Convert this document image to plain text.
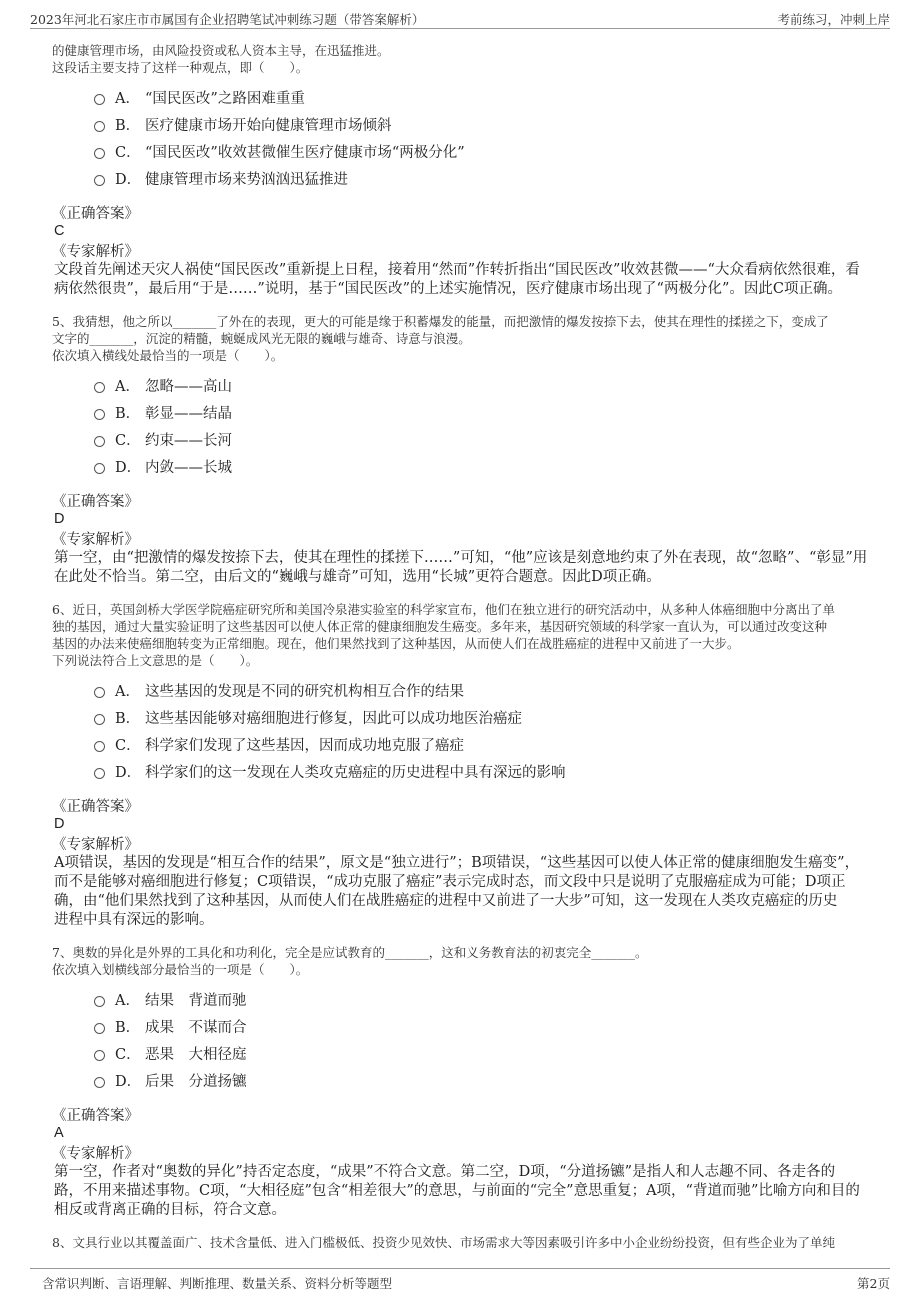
2023年河北石家庄市市属国有企业招聘笔试冲刺练习题（带答案解析）	考前练习，冲刺上岸

的健康管理市场，由风险投资或私人资本主导，在迅猛推进。

这段话主要支持了这样一种观点，即（　　）。

A． “国民医改”之路困难重重
B． 医疗健康市场开始向健康管理市场倾斜
C． “国民医改”收效甚微催生医疗健康市场“两极分化”
D． 健康管理市场来势汹汹迅猛推进
《正确答案》
C
《专家解析》

文段首先阐述天灾人祸使“国民医改”重新提上日程，接着用“然而”作转折指出“国民医改”收效甚微——“大众看病依然很难，看

病依然很贵”，最后用“于是……”说明，基于“国民医改”的上述实施情况，医疗健康市场出现了“两极分化”。因此C项正确。

5、我猜想，他之所以_______了外在的表现，更大的可能是缘于积蓄爆发的能量，而把激情的爆发按捺下去，使其在理性的揉搓之下，变成了

文字的_______，沉淀的精髓，蜿蜒成风光无限的巍峨与雄奇、诗意与浪漫。

依次填入横线处最恰当的一项是（　　）。

A． 忽略——高山
B． 彰显——结晶
C． 约束——长河
D． 内敛——长城
《正确答案》
D
《专家解析》

第一空，由“把激情的爆发按捺下去，使其在理性的揉搓下……”可知，“他”应该是刻意地约束了外在表现，故“忽略”、“彰显”用

在此处不恰当。第二空，由后文的“巍峨与雄奇”可知，选用“长城”更符合题意。因此D项正确。

6、近日，英国剑桥大学医学院癌症研究所和美国冷泉港实验室的科学家宣布，他们在独立进行的研究活动中，从多种人体癌细胞中分离出了单

独的基因，通过大量实验证明了这些基因可以使人体正常的健康细胞发生癌变。多年来，基因研究领域的科学家一直认为，可以通过改变这种

基因的办法来使癌细胞转变为正常细胞。现在，他们果然找到了这种基因，从而使人们在战胜癌症的进程中又前进了一大步。

下列说法符合上文意思的是（　　）。

A． 这些基因的发现是不同的研究机构相互合作的结果
B． 这些基因能够对癌细胞进行修复，因此可以成功地医治癌症
C． 科学家们发现了这些基因，因而成功地克服了癌症
D． 科学家们的这一发现在人类攻克癌症的历史进程中具有深远的影响
《正确答案》
D
《专家解析》

A项错误，基因的发现是“相互合作的结果”，原文是“独立进行”；B项错误，“这些基因可以使人体正常的健康细胞发生癌变”，

而不是能够对癌细胞进行修复；C项错误，“成功克服了癌症”表示完成时态，而文段中只是说明了克服癌症成为可能；D项正

确，由“他们果然找到了这种基因，从而使人们在战胜癌症的进程中又前进了一大步”可知，这一发现在人类攻克癌症的历史

进程中具有深远的影响。

7、奥数的异化是外界的工具化和功利化，完全是应试教育的_______，这和义务教育法的初衷完全_______。

依次填入划横线部分最恰当的一项是（　　）。

A． 结果　背道而驰
B． 成果　不谋而合
C． 恶果　大相径庭
D． 后果　分道扬镳
《正确答案》
A
《专家解析》

第一空，作者对“奥数的异化”持否定态度，“成果”不符合文意。第二空，D项，“分道扬镳”是指人和人志趣不同、各走各的

路，不用来描述事物。C项，“大相径庭”包含“相差很大”的意思，与前面的“完全”意思重复；A项，“背道而驰”比喻方向和目的

相反或背离正确的目标，符合文意。

8、文具行业以其覆盖面广、技术含量低、进入门槛极低、投资少见效快、市场需求大等因素吸引许多中小企业纷纷投资，但有些企业为了单纯

含常识判断、言语理解、判断推理、数量关系、资料分析等题型	第2页
